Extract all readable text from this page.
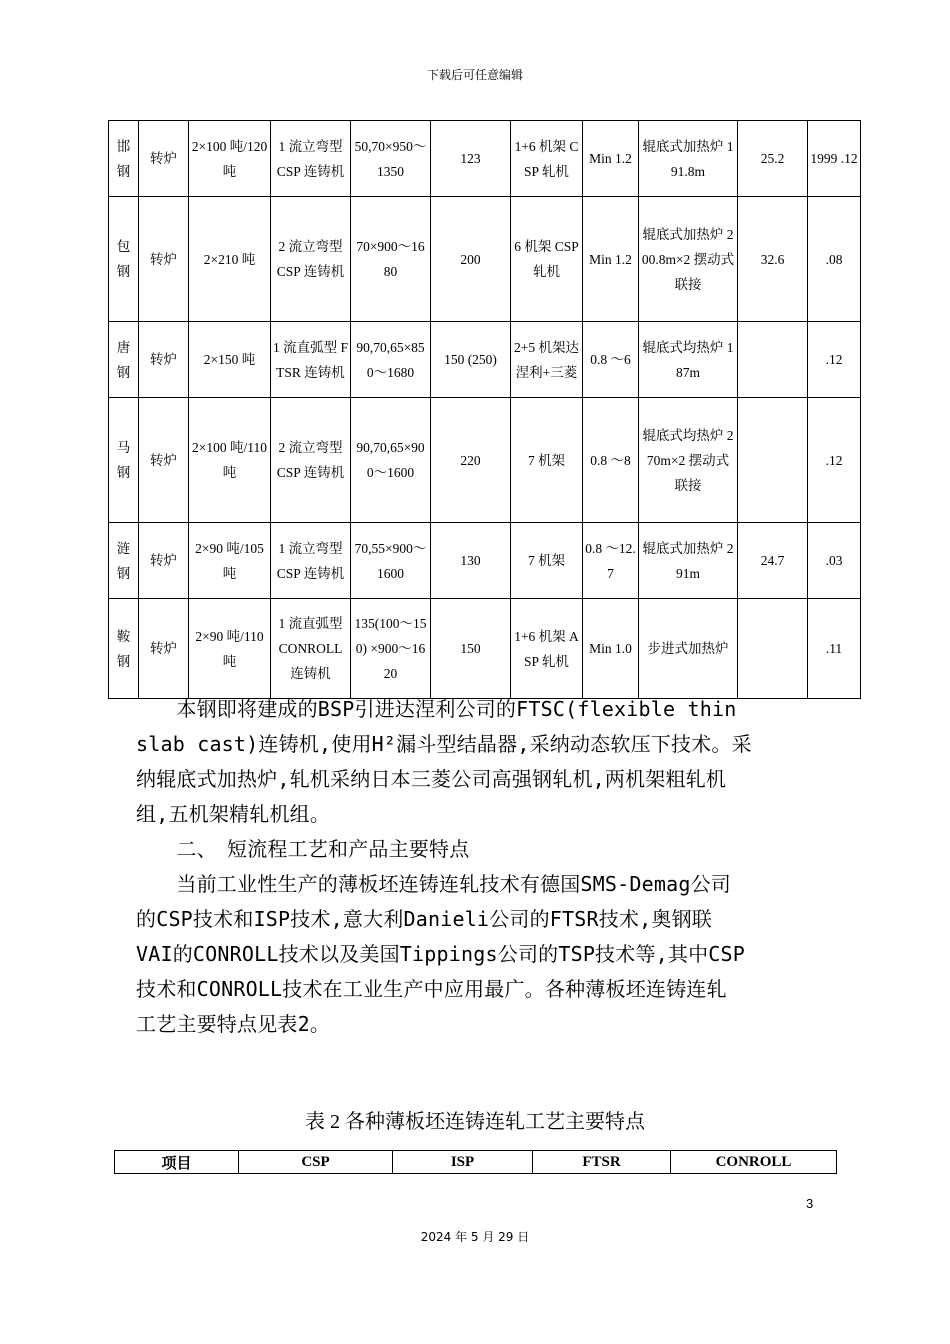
下载后可任意编辑
邯钢	转炉	2×100 吨/120 吨	1 流立弯型 CSP 连铸机	50,70×950～1350	123	1+6 机架 CSP 轧机	Min 1.2	辊底式加热炉 191.8m	25.2	1999 .12
包钢	转炉	2×210 吨	2 流立弯型 CSP 连铸机	70×900～1680	200	6 机架 CSP 轧机	Min 1.2	辊底式加热炉 200.8m×2 摆动式联接	32.6	.08
唐钢	转炉	2×150 吨	1 流直弧型 FTSR 连铸机	90,70,65×850～1680	150 (250)	2+5 机架达涅利+三菱	0.8 ～6	辊底式均热炉 187m		.12
马钢	转炉	2×100 吨/110 吨	2 流立弯型 CSP 连铸机	90,70,65×900～1600	220	7 机架	0.8 ～8	辊底式均热炉 270m×2 摆动式联接		.12
涟钢	转炉	2×90 吨/105 吨	1 流立弯型 CSP 连铸机	70,55×900～1600	130	7 机架	0.8 ～12.7	辊底式加热炉 291m	24.7	.03
鞍钢	转炉	2×90 吨/110 吨	1 流直弧型 CONROLL 连铸机	135(100～150) ×900～1620	150	1+6 机架 ASP 轧机	Min 1.0	步进式加热炉		.11
　　本钢即将建成的BSP引进达涅利公司的FTSC(flexible thin
slab cast)连铸机,使用H²漏斗型结晶器,采纳动态软压下技术。采
纳辊底式加热炉,轧机采纳日本三菱公司高强钢轧机,两机架粗轧机
组,五机架精轧机组。
　　二、　短流程工艺和产品主要特点
　　当前工业性生产的薄板坯连铸连轧技术有德国SMS-Demag公司
的CSP技术和ISP技术,意大利Danieli公司的FTSR技术,奥钢联
VAI的CONROLL技术以及美国Tippings公司的TSP技术等,其中CSP
技术和CONROLL技术在工业生产中应用最广。各种薄板坯连铸连轧
工艺主要特点见表2。
表 2 各种薄板坯连铸连轧工艺主要特点
项目	CSP	ISP	FTSR	CONROLL
3
2024 年 5 月 29 日
